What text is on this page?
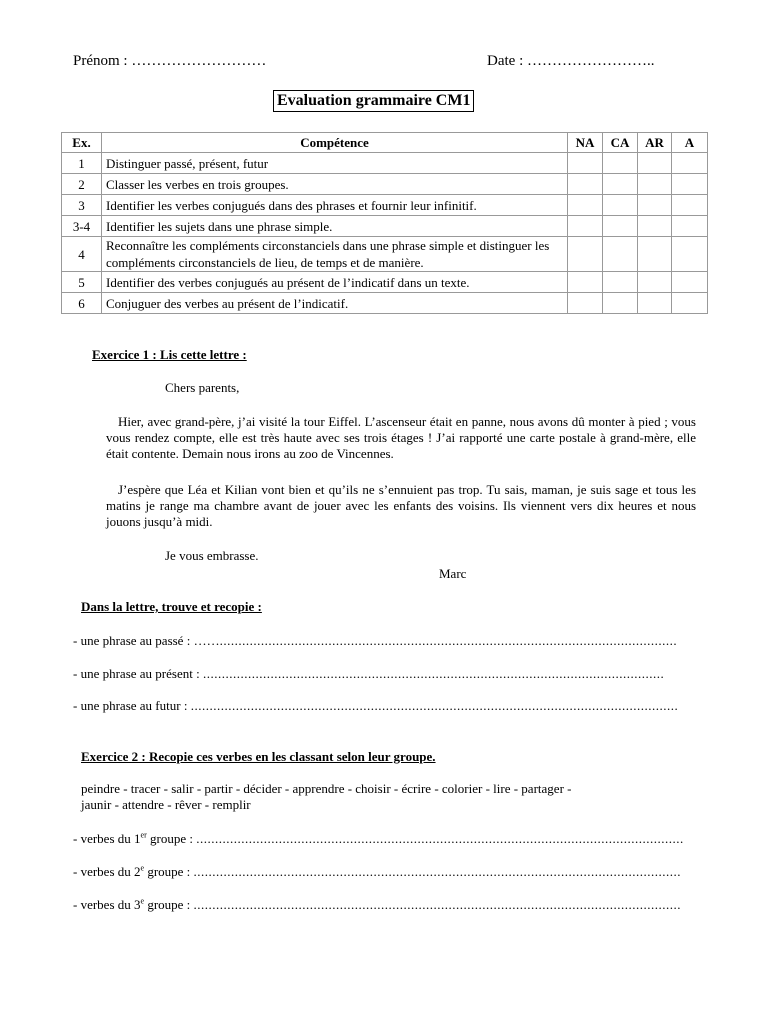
Prénom : ………………………	Date : ……………………..
Evaluation grammaire CM1
Ex.	Compétence	NA	CA	AR	A
1	Distinguer passé, présent, futur				
2	Classer les verbes en trois groupes.				
3	Identifier les verbes conjugués dans des phrases et fournir leur infinitif.				
3-4	Identifier les sujets dans une phrase simple.				
4	Reconnaître les compléments circonstanciels dans une phrase simple et distinguer les compléments circonstanciels de lieu, de temps et de manière.				
5	Identifier des verbes conjugués au présent de l’indicatif dans un texte.				
6	Conjuguer des verbes au présent de l’indicatif.				
Exercice 1 : Lis cette lettre :
Chers parents,
Hier, avec grand-père, j’ai visité la tour Eiffel. L’ascenseur était en panne, nous avons dû monter à pied ; vous vous rendez compte, elle est très haute avec ses trois étages ! J’ai rapporté une carte postale à grand-mère, elle était contente. Demain nous irons au zoo de Vincennes.
J’espère que Léa et Kilian vont bien et qu’ils ne s’ennuient pas trop. Tu sais, maman, je suis sage et tous les matins je range ma chambre avant de jouer avec les enfants des voisins. Ils viennent vers dix heures et nous jouons jusqu’à midi.
Je vous embrasse.
Marc
Dans la lettre, trouve et recopie :
- une phrase au passé : ……..........................................................................................................................
- une phrase au présent : ...........................................................................................................................
- une phrase au futur : ..................................................................................................................................
Exercice 2 : Recopie ces verbes en les classant selon leur groupe.
peindre - tracer - salir - partir - décider - apprendre - choisir - écrire - colorier - lire - partager -
jaunir - attendre - rêver - remplir
- verbes du 1er groupe : ..................................................................................................................................
- verbes du 2e groupe : ..................................................................................................................................
- verbes du 3e groupe : ..................................................................................................................................
